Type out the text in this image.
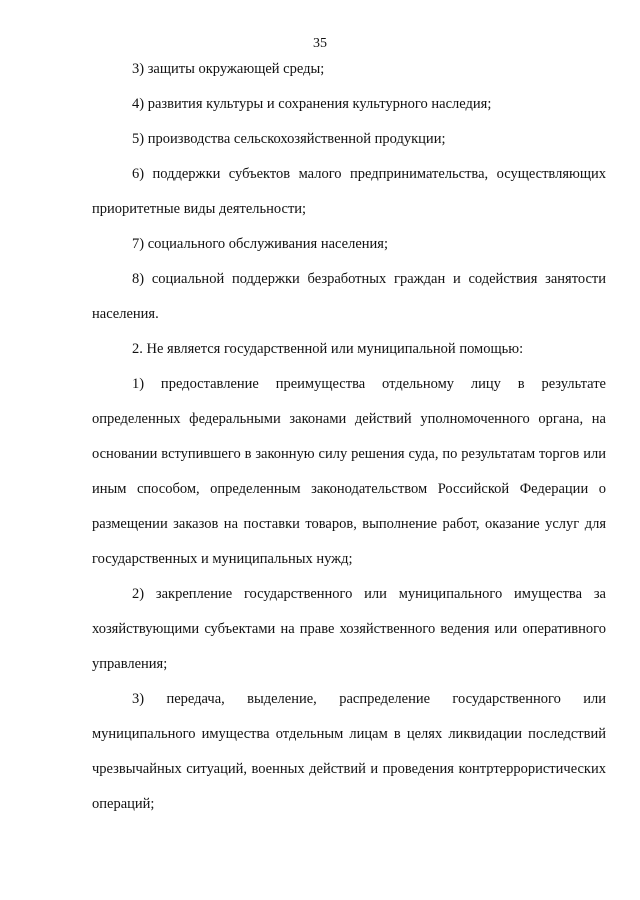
35

3) защиты окружающей среды;

4) развития культуры и сохранения культурного наследия;

5) производства сельскохозяйственной продукции;

6) поддержки субъектов малого предпринимательства, осуществляющих приоритетные виды деятельности;

7) социального обслуживания населения;

8) социальной поддержки безработных граждан и содействия занятости населения.

2. Не является государственной или муниципальной помощью:

1) предоставление преимущества отдельному лицу в результате определенных федеральными законами действий уполномоченного органа, на основании вступившего в законную силу решения суда, по результатам торгов или иным способом, определенным законодательством Российской Федерации о размещении заказов на поставки товаров, выполнение работ, оказание услуг для государственных и муниципальных нужд;

2) закрепление государственного или муниципального имущества за хозяйствующими субъектами на праве хозяйственного ведения или оперативного управления;

3) передача, выделение, распределение государственного или муниципального имущества отдельным лицам в целях ликвидации последствий чрезвычайных ситуаций, военных действий и проведения контртеррористических операций;
